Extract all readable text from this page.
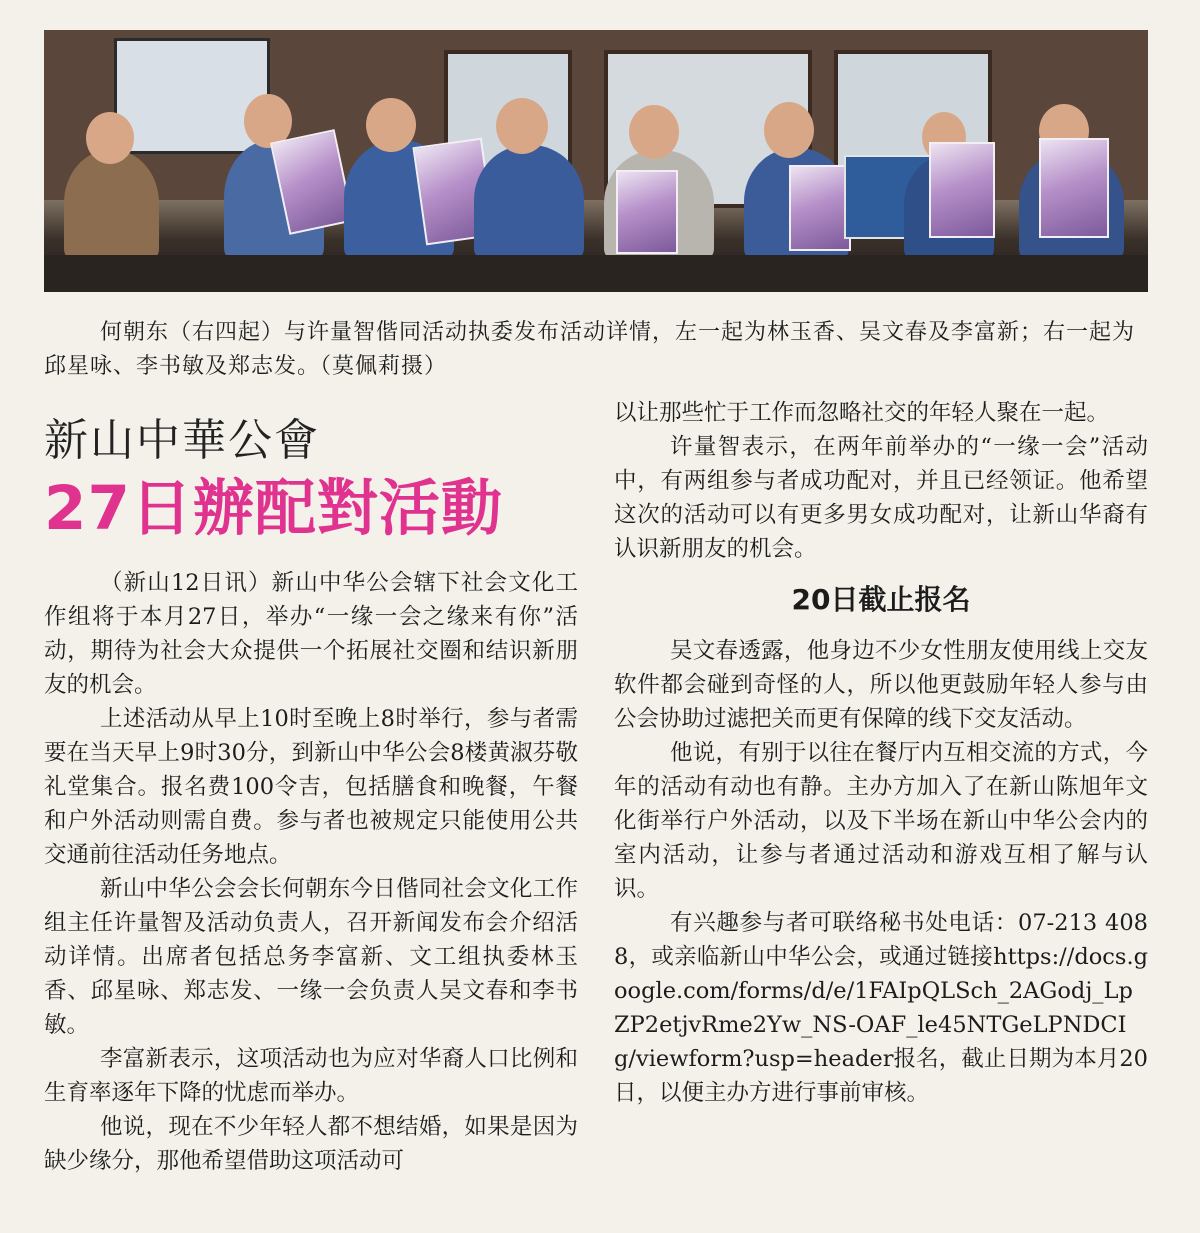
何朝东（右四起）与许量智偕同活动执委发布活动详情，左一起为林玉香、吴文春及李富新；右一起为邱星咏、李书敏及郑志发。（莫佩莉摄）
新山中華公會
27日辦配對活動

（新山12日讯）新山中华公会辖下社会文化工作组将于本月27日，举办“一缘一会之缘来有你”活动，期待为社会大众提供一个拓展社交圈和结识新朋友的机会。

上述活动从早上10时至晚上8时举行，参与者需要在当天早上9时30分，到新山中华公会8楼黄淑芬敬礼堂集合。报名费100令吉，包括膳食和晚餐，午餐和户外活动则需自费。参与者也被规定只能使用公共交通前往活动任务地点。

新山中华公会会长何朝东今日偕同社会文化工作组主任许量智及活动负责人，召开新闻发布会介绍活动详情。出席者包括总务李富新、文工组执委林玉香、邱星咏、郑志发、一缘一会负责人吴文春和李书敏。

李富新表示，这项活动也为应对华裔人口比例和生育率逐年下降的忧虑而举办。

他说，现在不少年轻人都不想结婚，如果是因为缺少缘分，那他希望借助这项活动可

以让那些忙于工作而忽略社交的年轻人聚在一起。

许量智表示，在两年前举办的“一缘一会”活动中，有两组参与者成功配对，并且已经领证。他希望这次的活动可以有更多男女成功配对，让新山华裔有认识新朋友的机会。

20日截止报名

吴文春透露，他身边不少女性朋友使用线上交友软件都会碰到奇怪的人，所以他更鼓励年轻人参与由公会协助过滤把关而更有保障的线下交友活动。

他说，有别于以往在餐厅内互相交流的方式，今年的活动有动也有静。主办方加入了在新山陈旭年文化街举行户外活动，以及下半场在新山中华公会内的室内活动，让参与者通过活动和游戏互相了解与认识。

有兴趣参与者可联络秘书处电话：07-213 4088，或亲临新山中华公会，或通过链接https://docs.google.com/forms/d/e/1FAIpQLSch_2AGodj_LpZP2etjvRme2Yw_NS-OAF_le45NTGeLPNDCIg/viewform?usp=header报名，截止日期为本月20日，以便主办方进行事前审核。
